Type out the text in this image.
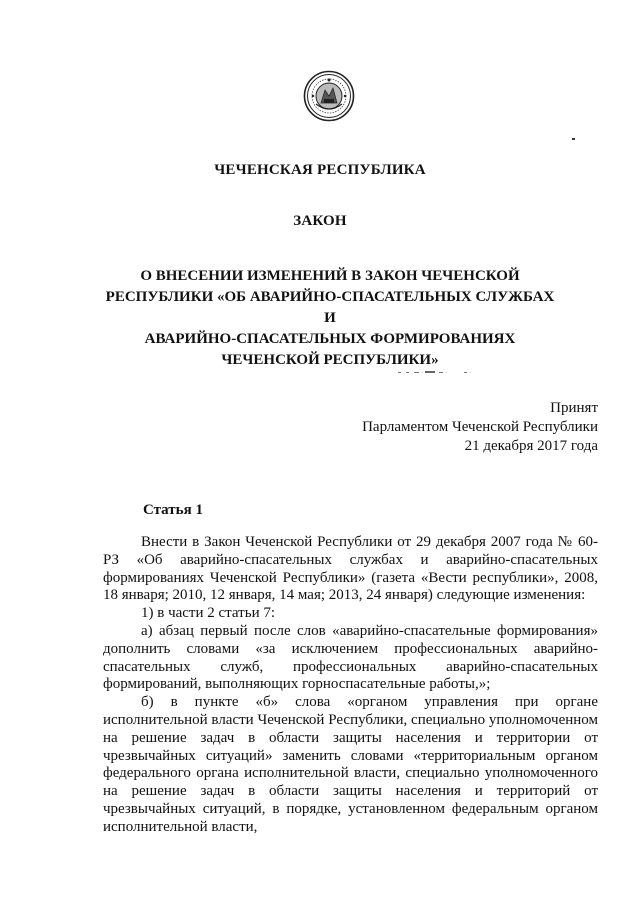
ЧЕЧЕНСКАЯ РЕСПУБЛИКА
ЗАКОН
О ВНЕСЕНИИ ИЗМЕНЕНИЙ В ЗАКОН ЧЕЧЕНСКОЙ
РЕСПУБЛИКИ «ОБ АВАРИЙНО-СПАСАТЕЛЬНЫХ СЛУЖБАХ И
АВАРИЙНО-СПАСАТЕЛЬНЫХ ФОРМИРОВАНИЯХ
ЧЕЧЕНСКОЙ РЕСПУБЛИКИ»
Принят
Парламентом Чеченской Республики
21 декабря 2017 года
Статья 1

Внести в Закон Чеченской Республики от 29 декабря 2007 года № 60-РЗ «Об аварийно-спасательных службах и аварийно-спасательных формированиях Чеченской Республики» (газета «Вести республики», 2008, 18 января; 2010, 12 января, 14 мая; 2013, 24 января) следующие изменения:

1) в части 2 статьи 7:

а) абзац первый после слов «аварийно-спасательные формирования» дополнить словами «за исключением профессиональных аварийно-спасательных служб, профессиональных аварийно-спасательных формирований, выполняющих горноспасательные работы,»;

б) в пункте «б» слова «органом управления при органе исполнительной власти Чеченской Республики, специально уполномоченном на решение задач в области защиты населения и территории от чрезвычайных ситуаций» заменить словами «территориальным органом федерального органа исполнительной власти, специально уполномоченного на решение задач в области защиты населения и территорий от чрезвычайных ситуаций, в порядке, установленном федеральным органом исполнительной власти,
